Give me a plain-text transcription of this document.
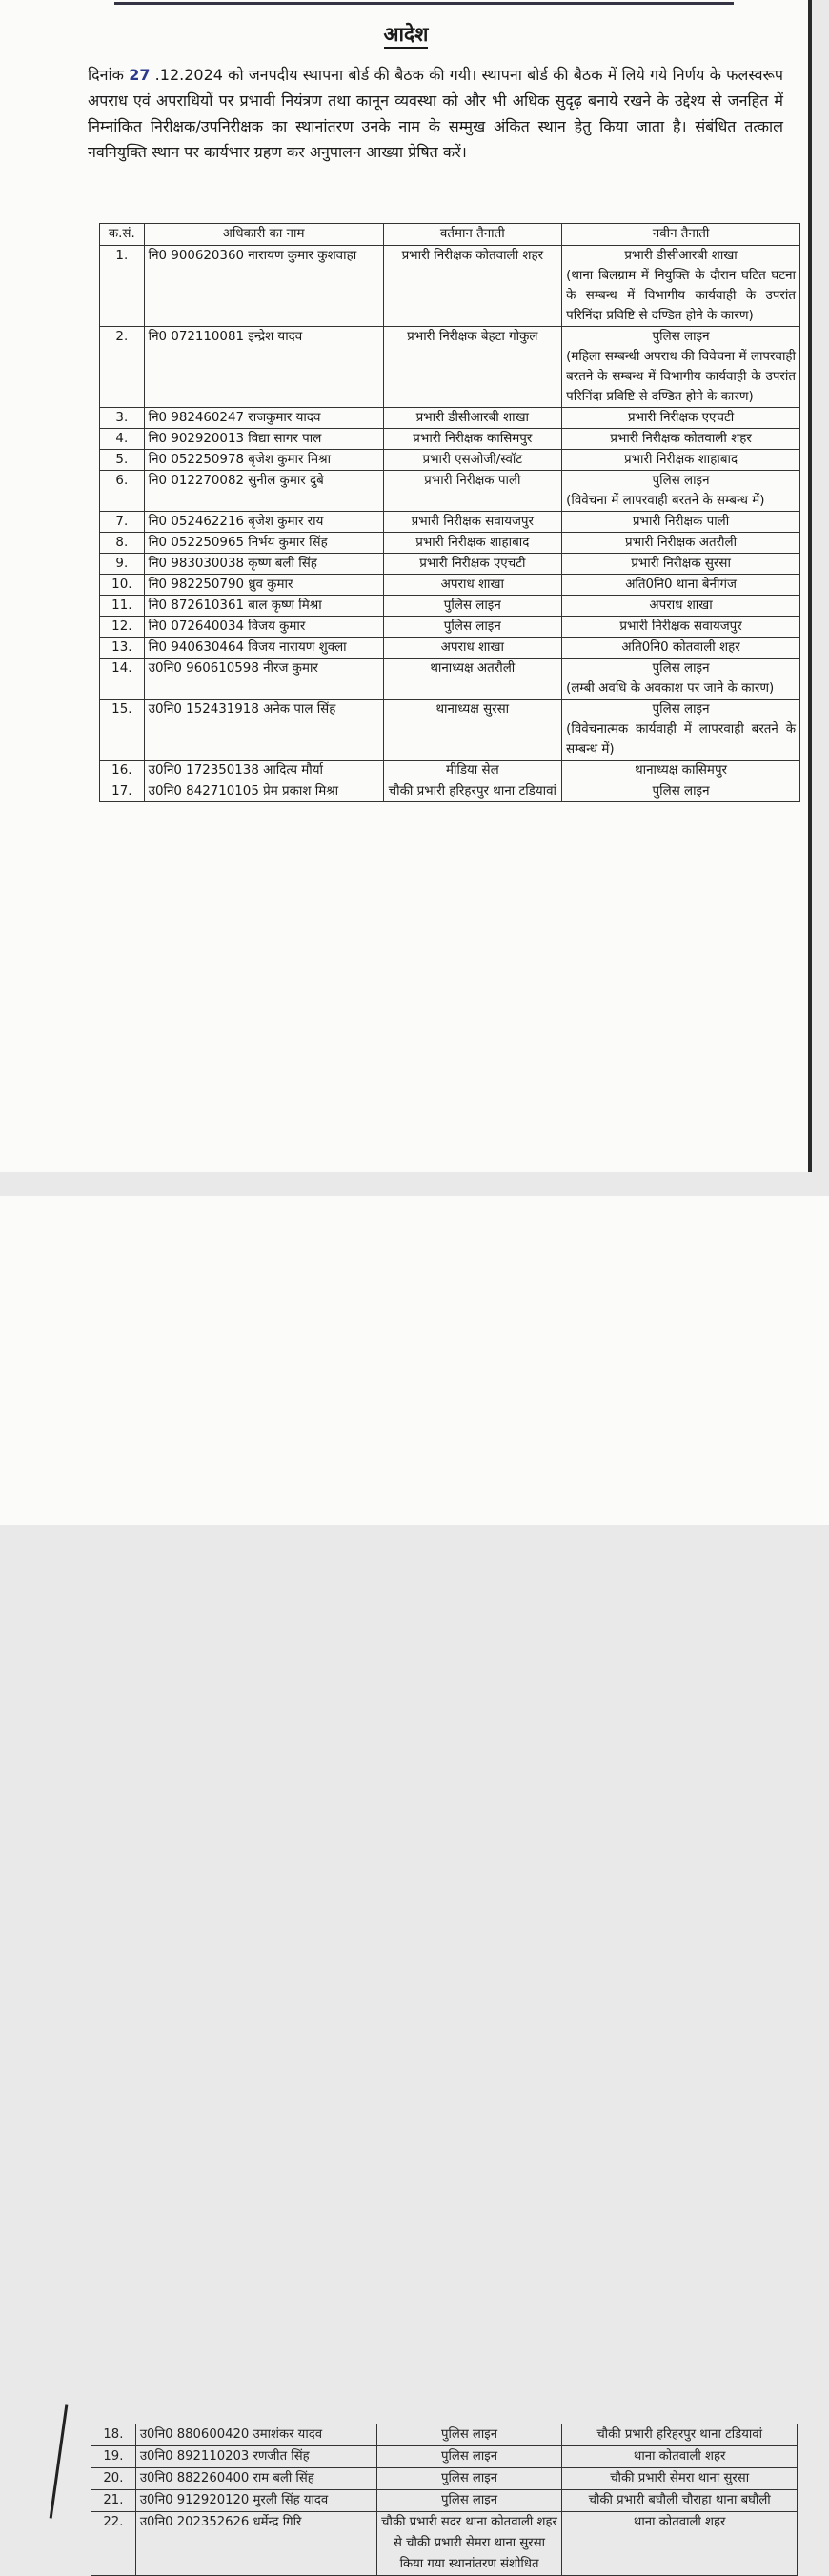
आदेश
दिनांक 27 .12.2024 को जनपदीय स्थापना बोर्ड की बैठक की गयी। स्थापना बोर्ड की बैठक में लिये गये निर्णय के फलस्वरूप अपराध एवं अपराधियों पर प्रभावी नियंत्रण तथा कानून व्यवस्था को और भी अधिक सुदृढ़ बनाये रखने के उद्देश्य से जनहित में निम्नांकित निरीक्षक/उपनिरीक्षक का स्थानांतरण उनके नाम के सम्मुख अंकित स्थान हेतु किया जाता है। संबंधित तत्काल नवनियुक्ति स्थान पर कार्यभार ग्रहण कर अनुपालन आख्या प्रेषित करें।
क.सं.	अधिकारी का नाम	वर्तमान तैनाती	नवीन तैनाती
1.	नि0 900620360 नारायण कुमार कुशवाहा	प्रभारी निरीक्षक कोतवाली शहर	प्रभारी डीसीआरबी शाखा
(थाना बिलग्राम में नियुक्ति के दौरान घटित घटना के सम्बन्ध में विभागीय कार्यवाही के उपरांत परिनिंदा प्रविष्टि से दण्डित होने के कारण)

2.	नि0 072110081 इन्द्रेश यादव	प्रभारी निरीक्षक बेहटा गोकुल	पुलिस लाइन
(महिला सम्बन्धी अपराध की विवेचना में लापरवाही बरतने के सम्बन्ध में विभागीय कार्यवाही के उपरांत परिनिंदा प्रविष्टि से दण्डित होने के कारण)

3.	नि0 982460247 राजकुमार यादव	प्रभारी डीसीआरबी शाखा	प्रभारी निरीक्षक एएचटी

4.	नि0 902920013 विद्या सागर पाल	प्रभारी निरीक्षक कासिमपुर	प्रभारी निरीक्षक कोतवाली शहर

5.	नि0 052250978 बृजेश कुमार मिश्रा	प्रभारी एसओजी/स्वॉट	प्रभारी निरीक्षक शाहाबाद

6.	नि0 012270082 सुनील कुमार दुबे	प्रभारी निरीक्षक पाली	पुलिस लाइन
(विवेचना में लापरवाही बरतने के सम्बन्ध में)

7.	नि0 052462216 बृजेश कुमार राय	प्रभारी निरीक्षक सवायजपुर	प्रभारी निरीक्षक पाली

8.	नि0 052250965 निर्भय कुमार सिंह	प्रभारी निरीक्षक शाहाबाद	प्रभारी निरीक्षक अतरौली

9.	नि0 983030038 कृष्ण बली सिंह	प्रभारी निरीक्षक एएचटी	प्रभारी निरीक्षक सुरसा

10.	नि0 982250790 ध्रुव कुमार	अपराध शाखा	अति0नि0 थाना बेनीगंज

11.	नि0 872610361 बाल कृष्ण मिश्रा	पुलिस लाइन	अपराध शाखा

12.	नि0 072640034 विजय कुमार	पुलिस लाइन	प्रभारी निरीक्षक सवायजपुर

13.	नि0 940630464 विजय नारायण शुक्ला	अपराध शाखा	अति0नि0 कोतवाली शहर

14.	उ0नि0 960610598 नीरज कुमार	थानाध्यक्ष अतरौली	पुलिस लाइन
(लम्बी अवधि के अवकाश पर जाने के कारण)

15.	उ0नि0 152431918 अनेक पाल सिंह	थानाध्यक्ष सुरसा	पुलिस लाइन
(विवेचनात्मक कार्यवाही में लापरवाही बरतने के सम्बन्ध में)

16.	उ0नि0 172350138 आदित्य मौर्या	मीडिया सेल	थानाध्यक्ष कासिमपुर

17.	उ0नि0 842710105 प्रेम प्रकाश मिश्रा	चौकी प्रभारी हरिहरपुर थाना टडियावां	पुलिस लाइन
18.	उ0नि0 880600420 उमाशंकर यादव	पुलिस लाइन	चौकी प्रभारी हरिहरपुर थाना टडियावां
19.	उ0नि0 892110203 रणजीत सिंह	पुलिस लाइन	थाना कोतवाली शहर
20.	उ0नि0 882260400 राम बली सिंह	पुलिस लाइन	चौकी प्रभारी सेमरा थाना सुरसा
21.	उ0नि0 912920120 मुरली सिंह यादव	पुलिस लाइन	चौकी प्रभारी बघौली चौराहा थाना बघौली
22.	उ0नि0 202352626 धर्मेन्द्र गिरि	चौकी प्रभारी सदर थाना कोतवाली शहर से चौकी प्रभारी सेमरा थाना सुरसा किया गया स्थानांतरण संशोधित	थाना कोतवाली शहर
